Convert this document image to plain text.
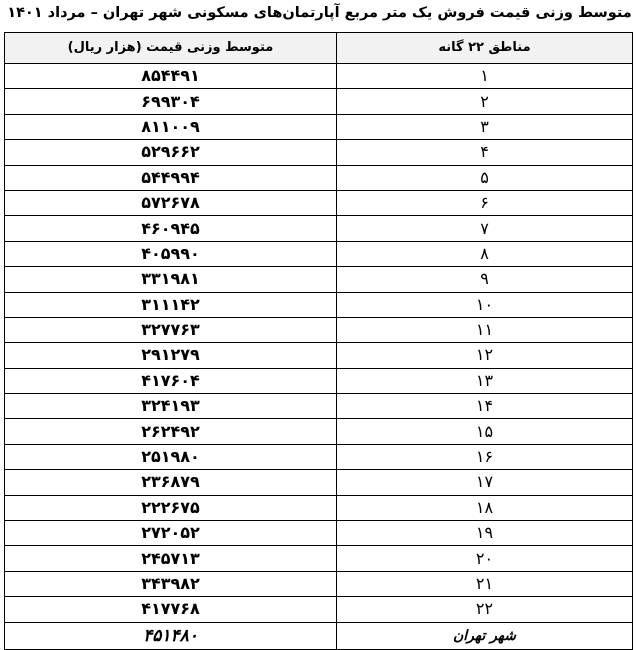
متوسط وزنی قیمت فروش یک متر مربع آپارتمان‌های مسکونی شهر تهران – مرداد ۱۴۰۱
مناطق ۲۲ گانه	متوسط وزنی قیمت (هزار ریال)
۱	۸۵۴۴۹۱
۲	۶۹۹۳۰۴
۳	۸۱۱۰۰۹
۴	۵۲۹۶۶۲
۵	۵۴۴۹۹۴
۶	۵۷۲۶۷۸
۷	۴۶۰۹۴۵
۸	۴۰۵۹۹۰
۹	۳۳۱۹۸۱
۱۰	۳۱۱۱۴۲
۱۱	۳۲۷۷۶۳
۱۲	۲۹۱۲۷۹
۱۳	۴۱۷۶۰۴
۱۴	۳۲۴۱۹۳
۱۵	۲۶۲۴۹۲
۱۶	۲۵۱۹۸۰
۱۷	۲۳۶۸۷۹
۱۸	۲۲۲۶۷۵
۱۹	۲۷۲۰۵۲
۲۰	۲۴۵۷۱۳
۲۱	۳۴۳۹۸۲
۲۲	۴۱۷۷۶۸
شهر تهران	۴۵۱۴۸۰
